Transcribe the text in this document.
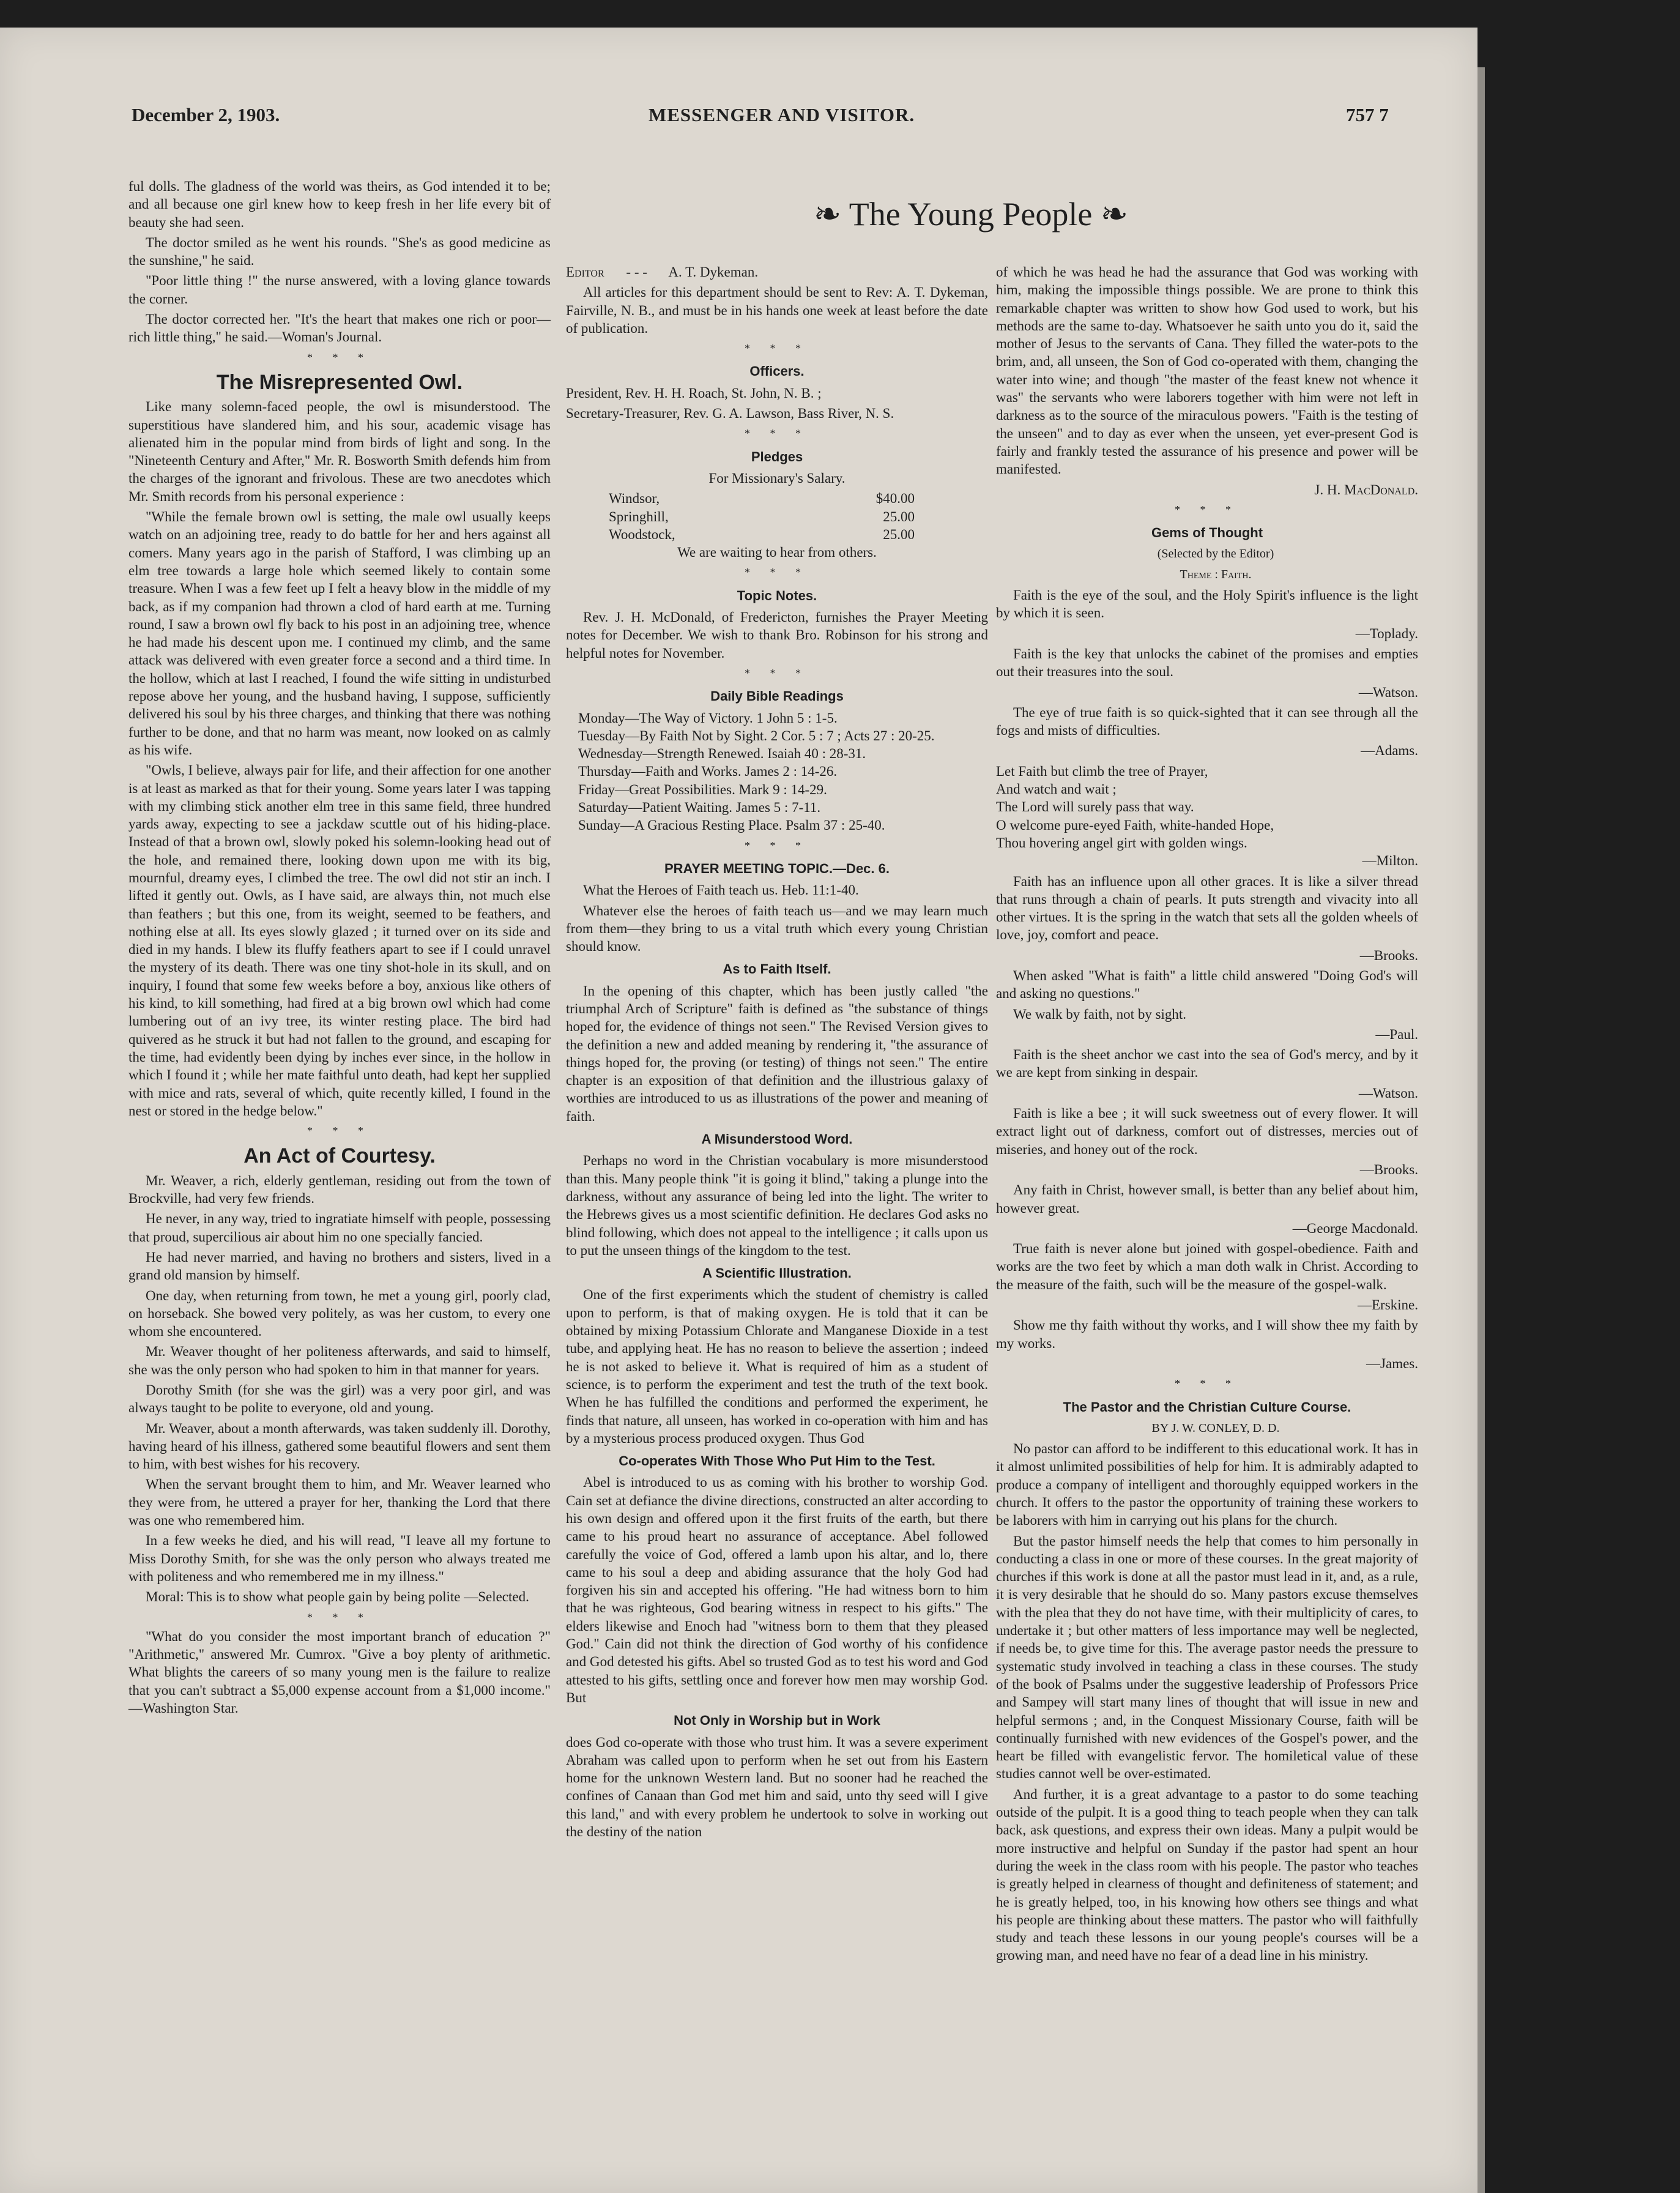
December 2, 1903.	MESSENGER AND VISITOR.	757 7
❧ The Young People ❧

ful dolls. The gladness of the world was theirs, as God intended it to be; and all because one girl knew how to keep fresh in her life every bit of beauty she had seen.

The doctor smiled as he went his rounds. "She's as good medicine as the sunshine," he said.

"Poor little thing !" the nurse answered, with a loving glance towards the corner.

The doctor corrected her. "It's the heart that makes one rich or poor—rich little thing," he said.—Woman's Journal.

* * *
The Misrepresented Owl.

Like many solemn-faced people, the owl is misunderstood. The superstitious have slandered him, and his sour, academic visage has alienated him in the popular mind from birds of light and song. In the "Nineteenth Century and After," Mr. R. Bosworth Smith defends him from the charges of the ignorant and frivolous. These are two anecdotes which Mr. Smith records from his personal experience :

"While the female brown owl is setting, the male owl usually keeps watch on an adjoining tree, ready to do battle for her and hers against all comers. Many years ago in the parish of Stafford, I was climbing up an elm tree towards a large hole which seemed likely to contain some treasure. When I was a few feet up I felt a heavy blow in the middle of my back, as if my companion had thrown a clod of hard earth at me. Turning round, I saw a brown owl fly back to his post in an adjoining tree, whence he had made his descent upon me. I continued my climb, and the same attack was delivered with even greater force a second and a third time. In the hollow, which at last I reached, I found the wife sitting in undisturbed repose above her young, and the husband having, I suppose, sufficiently delivered his soul by his three charges, and thinking that there was nothing further to be done, and that no harm was meant, now looked on as calmly as his wife.

"Owls, I believe, always pair for life, and their affection for one another is at least as marked as that for their young. Some years later I was tapping with my climbing stick another elm tree in this same field, three hundred yards away, expecting to see a jackdaw scuttle out of his hiding-place. Instead of that a brown owl, slowly poked his solemn-looking head out of the hole, and remained there, looking down upon me with its big, mournful, dreamy eyes, I climbed the tree. The owl did not stir an inch. I lifted it gently out. Owls, as I have said, are always thin, not much else than feathers ; but this one, from its weight, seemed to be feathers, and nothing else at all. Its eyes slowly glazed ; it turned over on its side and died in my hands. I blew its fluffy feathers apart to see if I could unravel the mystery of its death. There was one tiny shot-hole in its skull, and on inquiry, I found that some few weeks before a boy, anxious like others of his kind, to kill something, had fired at a big brown owl which had come lumbering out of an ivy tree, its winter resting place. The bird had quivered as he struck it but had not fallen to the ground, and escaping for the time, had evidently been dying by inches ever since, in the hollow in which I found it ; while her mate faithful unto death, had kept her supplied with mice and rats, several of which, quite recently killed, I found in the nest or stored in the hedge below."

* * *
An Act of Courtesy.

Mr. Weaver, a rich, elderly gentleman, residing out from the town of Brockville, had very few friends.

He never, in any way, tried to ingratiate himself with people, possessing that proud, supercilious air about him no one specially fancied.

He had never married, and having no brothers and sisters, lived in a grand old mansion by himself.

One day, when returning from town, he met a young girl, poorly clad, on horseback. She bowed very politely, as was her custom, to every one whom she encountered.

Mr. Weaver thought of her politeness afterwards, and said to himself, she was the only person who had spoken to him in that manner for years.

Dorothy Smith (for she was the girl) was a very poor girl, and was always taught to be polite to everyone, old and young.

Mr. Weaver, about a month afterwards, was taken suddenly ill. Dorothy, having heard of his illness, gathered some beautiful flowers and sent them to him, with best wishes for his recovery.

When the servant brought them to him, and Mr. Weaver learned who they were from, he uttered a prayer for her, thanking the Lord that there was one who remembered him.

In a few weeks he died, and his will read, "I leave all my fortune to Miss Dorothy Smith, for she was the only person who always treated me with politeness and who remembered me in my illness."

Moral: This is to show what people gain by being polite —Selected.

* * *

"What do you consider the most important branch of education ?" "Arithmetic," answered Mr. Cumrox. "Give a boy plenty of arithmetic. What blights the careers of so many young men is the failure to realize that you can't subtract a $5,000 expense account from a $1,000 income." —Washington Star.

Editor - - - A. T. Dykeman.

All articles for this department should be sent to Rev: A. T. Dykeman, Fairville, N. B., and must be in his hands one week at least before the date of publication.

* * *
Officers.

President, Rev. H. H. Roach, St. John, N. B. ;

Secretary-Treasurer, Rev. G. A. Lawson, Bass River, N. S.

* * *
Pledges

For Missionary's Salary.

Windsor,	$40.00
Springhill,	25.00
Woodstock,	25.00

We are waiting to hear from others.

* * *
Topic Notes.

Rev. J. H. McDonald, of Fredericton, furnishes the Prayer Meeting notes for December. We wish to thank Bro. Robinson for his strong and helpful notes for November.

* * *
Daily Bible Readings
Monday—The Way of Victory. 1 John 5 : 1-5.
Tuesday—By Faith Not by Sight. 2 Cor. 5 : 7 ; Acts 27 : 20-25.
Wednesday—Strength Renewed. Isaiah 40 : 28-31.
Thursday—Faith and Works. James 2 : 14-26.
Friday—Great Possibilities. Mark 9 : 14-29.
Saturday—Patient Waiting. James 5 : 7-11.
Sunday—A Gracious Resting Place. Psalm 37 : 25-40.
* * *
PRAYER MEETING TOPIC.—Dec. 6.

What the Heroes of Faith teach us. Heb. 11:1-40.

Whatever else the heroes of faith teach us—and we may learn much from them—they bring to us a vital truth which every young Christian should know.

As to Faith Itself.

In the opening of this chapter, which has been justly called "the triumphal Arch of Scripture" faith is defined as "the substance of things hoped for, the evidence of things not seen." The Revised Version gives to the definition a new and added meaning by rendering it, "the assurance of things hoped for, the proving (or testing) of things not seen." The entire chapter is an exposition of that definition and the illustrious galaxy of worthies are introduced to us as illustrations of the power and meaning of faith.

A Misunderstood Word.

Perhaps no word in the Christian vocabulary is more misunderstood than this. Many people think "it is going it blind," taking a plunge into the darkness, without any assurance of being led into the light. The writer to the Hebrews gives us a most scientific definition. He declares God asks no blind following, which does not appeal to the intelligence ; it calls upon us to put the unseen things of the kingdom to the test.

A Scientific Illustration.

One of the first experiments which the student of chemistry is called upon to perform, is that of making oxygen. He is told that it can be obtained by mixing Potassium Chlorate and Manganese Dioxide in a test tube, and applying heat. He has no reason to believe the assertion ; indeed he is not asked to believe it. What is required of him as a student of science, is to perform the experiment and test the truth of the text book. When he has fulfilled the conditions and performed the experiment, he finds that nature, all unseen, has worked in co-operation with him and has by a mysterious process produced oxygen. Thus God

Co-operates With Those Who Put Him to the Test.

Abel is introduced to us as coming with his brother to worship God. Cain set at defiance the divine directions, constructed an alter according to his own design and offered upon it the first fruits of the earth, but there came to his proud heart no assurance of acceptance. Abel followed carefully the voice of God, offered a lamb upon his altar, and lo, there came to his soul a deep and abiding assurance that the holy God had forgiven his sin and accepted his offering. "He had witness born to him that he was righteous, God bearing witness in respect to his gifts." The elders likewise and Enoch had "witness born to them that they pleased God." Cain did not think the direction of God worthy of his confidence and God detested his gifts. Abel so trusted God as to test his word and God attested to his gifts, settling once and forever how men may worship God. But

Not Only in Worship but in Work

does God co-operate with those who trust him. It was a severe experiment Abraham was called upon to perform when he set out from his Eastern home for the unknown Western land. But no sooner had he reached the confines of Canaan than God met him and said, unto thy seed will I give this land," and with every problem he undertook to solve in working out the destiny of the nation

of which he was head he had the assurance that God was working with him, making the impossible things possible. We are prone to think this remarkable chapter was written to show how God used to work, but his methods are the same to-day. Whatsoever he saith unto you do it, said the mother of Jesus to the servants of Cana. They filled the water-pots to the brim, and, all unseen, the Son of God co-operated with them, changing the water into wine; and though "the master of the feast knew not whence it was" the servants who were laborers together with him were not left in darkness as to the source of the miraculous powers. "Faith is the testing of the unseen" and to day as ever when the unseen, yet ever-present God is fairly and frankly tested the assurance of his presence and power will be manifested.

J. H. MacDonald.

* * *
Gems of Thought

(Selected by the Editor)

Theme : Faith.

Faith is the eye of the soul, and the Holy Spirit's influence is the light by which it is seen.

—Toplady.

Faith is the key that unlocks the cabinet of the promises and empties out their treasures into the soul.

—Watson.

The eye of true faith is so quick-sighted that it can see through all the fogs and mists of difficulties.

—Adams.

Let Faith but climb the tree of Prayer,
And watch and wait ;
The Lord will surely pass that way.
O welcome pure-eyed Faith, white-handed Hope,
Thou hovering angel girt with golden wings.

—Milton.

Faith has an influence upon all other graces. It is like a silver thread that runs through a chain of pearls. It puts strength and vivacity into all other virtues. It is the spring in the watch that sets all the golden wheels of love, joy, comfort and peace.

—Brooks.

When asked "What is faith" a little child answered "Doing God's will and asking no questions."

We walk by faith, not by sight.

—Paul.

Faith is the sheet anchor we cast into the sea of God's mercy, and by it we are kept from sinking in despair.

—Watson.

Faith is like a bee ; it will suck sweetness out of every flower. It will extract light out of darkness, comfort out of distresses, mercies out of miseries, and honey out of the rock.

—Brooks.

Any faith in Christ, however small, is better than any belief about him, however great.

—George Macdonald.

True faith is never alone but joined with gospel-obedience. Faith and works are the two feet by which a man doth walk in Christ. According to the measure of the faith, such will be the measure of the gospel-walk.

—Erskine.

Show me thy faith without thy works, and I will show thee my faith by my works.

—James.

* * *
The Pastor and the Christian Culture Course.

BY J. W. CONLEY, D. D.

No pastor can afford to be indifferent to this educational work. It has in it almost unlimited possibilities of help for him. It is admirably adapted to produce a company of intelligent and thoroughly equipped workers in the church. It offers to the pastor the opportunity of training these workers to be laborers with him in carrying out his plans for the church.

But the pastor himself needs the help that comes to him personally in conducting a class in one or more of these courses. In the great majority of churches if this work is done at all the pastor must lead in it, and, as a rule, it is very desirable that he should do so. Many pastors excuse themselves with the plea that they do not have time, with their multiplicity of cares, to undertake it ; but other matters of less importance may well be neglected, if needs be, to give time for this. The average pastor needs the pressure to systematic study involved in teaching a class in these courses. The study of the book of Psalms under the suggestive leadership of Professors Price and Sampey will start many lines of thought that will issue in new and helpful sermons ; and, in the Conquest Missionary Course, faith will be continually furnished with new evidences of the Gospel's power, and the heart be filled with evangelistic fervor. The homiletical value of these studies cannot well be over-estimated.

And further, it is a great advantage to a pastor to do some teaching outside of the pulpit. It is a good thing to teach people when they can talk back, ask questions, and express their own ideas. Many a pulpit would be more instructive and helpful on Sunday if the pastor had spent an hour during the week in the class room with his people. The pastor who teaches is greatly helped in clearness of thought and definiteness of statement; and he is greatly helped, too, in his knowing how others see things and what his people are thinking about these matters. The pastor who will faithfully study and teach these lessons in our young people's courses will be a growing man, and need have no fear of a dead line in his ministry.
